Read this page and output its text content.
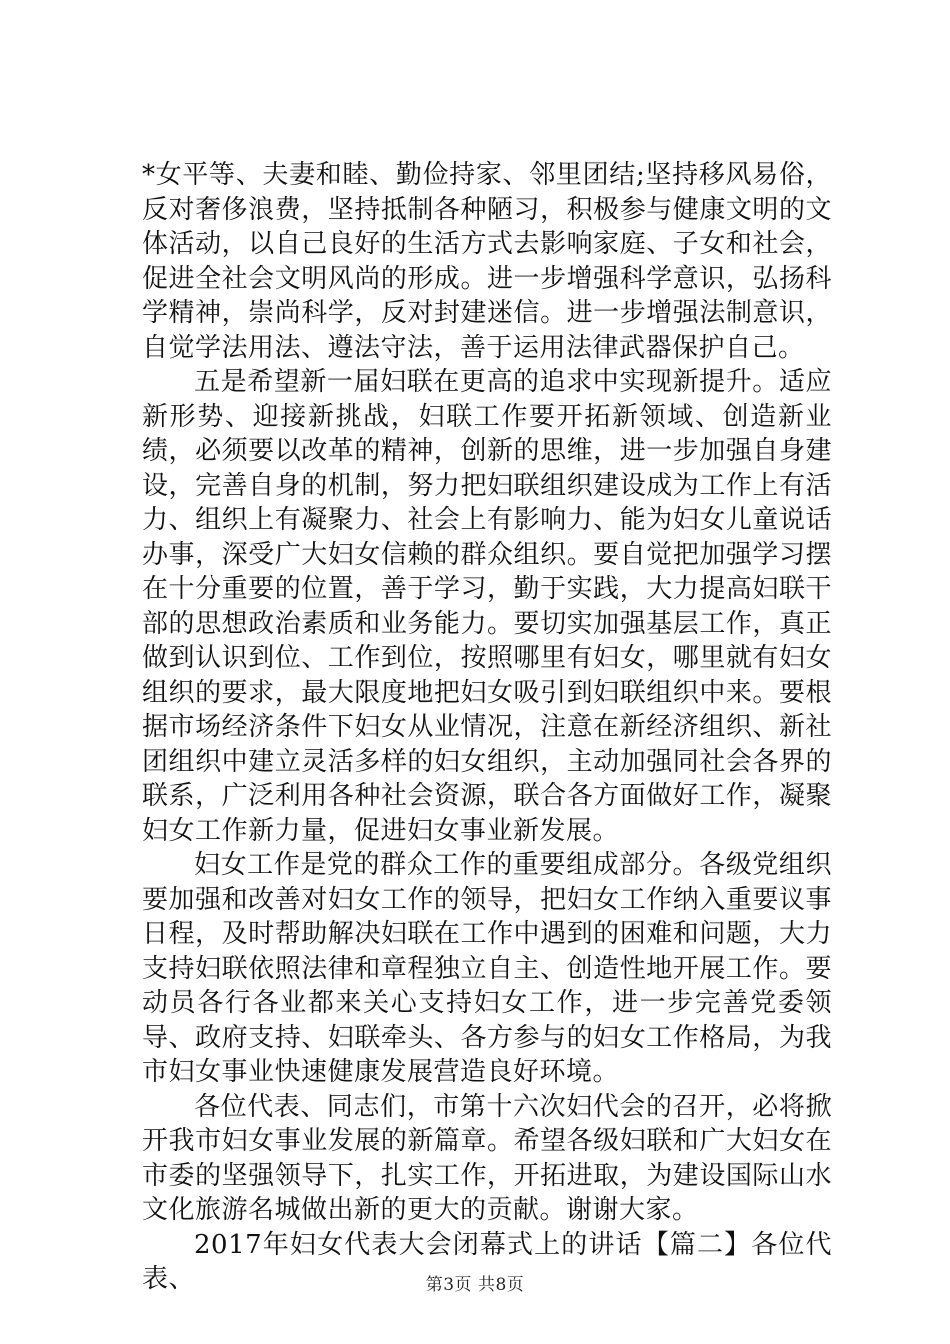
*女平等、夫妻和睦、勤俭持家、邻里团结;坚持移风易俗，反对奢侈浪费，坚持抵制各种陋习，积极参与健康文明的文体活动，以自己良好的生活方式去影响家庭、子女和社会，促进全社会文明风尚的形成。进一步增强科学意识，弘扬科学精神，崇尚科学，反对封建迷信。进一步增强法制意识，自觉学法用法、遵法守法，善于运用法律武器保护自己。

五是希望新一届妇联在更高的追求中实现新提升。适应新形势、迎接新挑战，妇联工作要开拓新领域、创造新业绩，必须要以改革的精神，创新的思维，进一步加强自身建设，完善自身的机制，努力把妇联组织建设成为工作上有活力、组织上有凝聚力、社会上有影响力、能为妇女儿童说话办事，深受广大妇女信赖的群众组织。要自觉把加强学习摆在十分重要的位置，善于学习，勤于实践，大力提高妇联干部的思想政治素质和业务能力。要切实加强基层工作，真正做到认识到位、工作到位，按照哪里有妇女，哪里就有妇女组织的要求，最大限度地把妇女吸引到妇联组织中来。要根据市场经济条件下妇女从业情况，注意在新经济组织、新社团组织中建立灵活多样的妇女组织，主动加强同社会各界的联系，广泛利用各种社会资源，联合各方面做好工作，凝聚妇女工作新力量，促进妇女事业新发展。

妇女工作是党的群众工作的重要组成部分。各级党组织要加强和改善对妇女工作的领导，把妇女工作纳入重要议事日程，及时帮助解决妇联在工作中遇到的困难和问题，大力支持妇联依照法律和章程独立自主、创造性地开展工作。要动员各行各业都来关心支持妇女工作，进一步完善党委领导、政府支持、妇联牵头、各方参与的妇女工作格局，为我市妇女事业快速健康发展营造良好环境。

各位代表、同志们，市第十六次妇代会的召开，必将掀开我市妇女事业发展的新篇章。希望各级妇联和广大妇女在市委的坚强领导下，扎实工作，开拓进取，为建设国际山水文化旅游名城做出新的更大的贡献。谢谢大家。

2017年妇女代表大会闭幕式上的讲话【篇二】各位代表、	第3页 共8页
